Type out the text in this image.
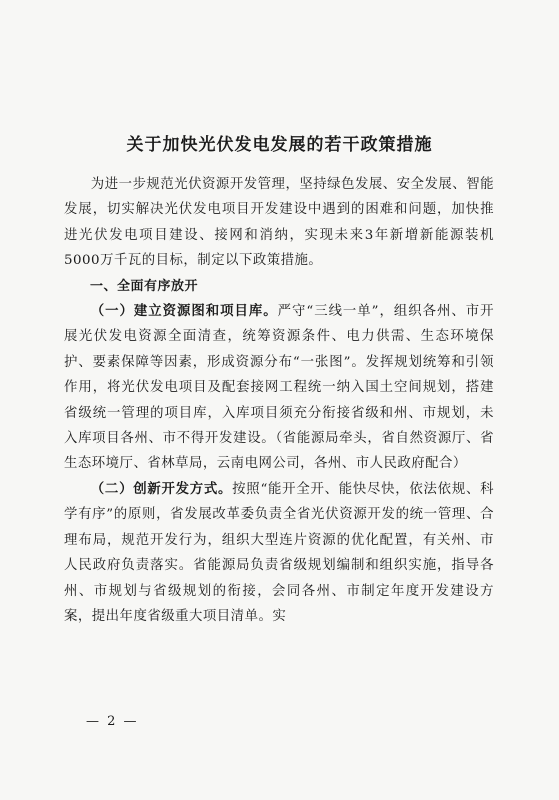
关于加快光伏发电发展的若干政策措施

为进一步规范光伏资源开发管理，坚持绿色发展、安全发展、智能发展，切实解决光伏发电项目开发建设中遇到的困难和问题，加快推进光伏发电项目建设、接网和消纳，实现未来3年新增新能源装机5000万千瓦的目标，制定以下政策措施。

一、全面有序放开

（一）建立资源图和项目库。严守“三线一单”，组织各州、市开展光伏发电资源全面清查，统筹资源条件、电力供需、生态环境保护、要素保障等因素，形成资源分布“一张图”。发挥规划统筹和引领作用，将光伏发电项目及配套接网工程统一纳入国土空间规划，搭建省级统一管理的项目库，入库项目须充分衔接省级和州、市规划，未入库项目各州、市不得开发建设。（省能源局牵头，省自然资源厅、省生态环境厅、省林草局，云南电网公司，各州、市人民政府配合）

（二）创新开发方式。按照“能开全开、能快尽快，依法依规、科学有序”的原则，省发展改革委负责全省光伏资源开发的统一管理、合理布局，规范开发行为，组织大型连片资源的优化配置，有关州、市人民政府负责落实。省能源局负责省级规划编制和组织实施，指导各州、市规划与省级规划的衔接，会同各州、市制定年度开发建设方案，提出年度省级重大项目清单。实

— 2 —
